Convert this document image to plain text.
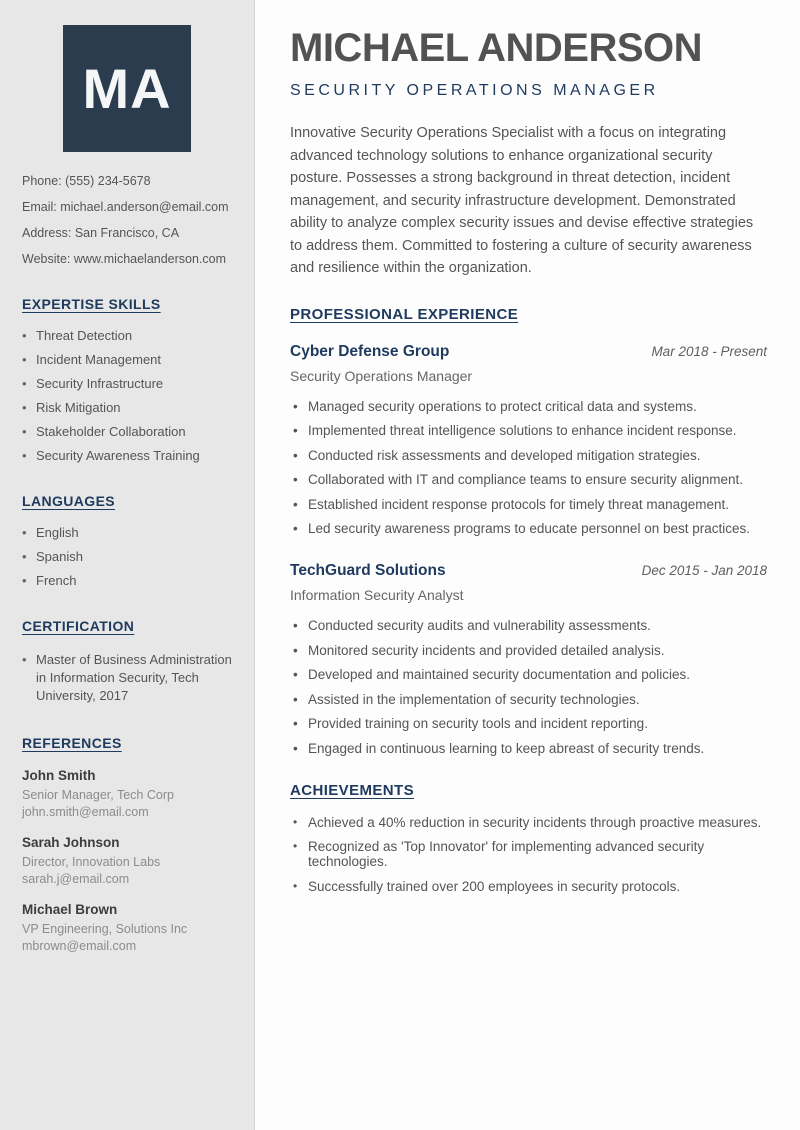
MA
Phone: (555) 234-5678
Email: michael.anderson@email.com
Address: San Francisco, CA
Website: www.michaelanderson.com
EXPERTISE SKILLS
• Threat Detection
• Incident Management
• Security Infrastructure
• Risk Mitigation
• Stakeholder Collaboration
• Security Awareness Training
LANGUAGES
• English
• Spanish
• French
CERTIFICATION
• Master of Business Administration in Information Security, Tech University, 2017
REFERENCES
John Smith
Senior Manager, Tech Corp
john.smith@email.com
Sarah Johnson
Director, Innovation Labs
sarah.j@email.com
Michael Brown
VP Engineering, Solutions Inc
mbrown@email.com
MICHAEL ANDERSON
SECURITY OPERATIONS MANAGER

Innovative Security Operations Specialist with a focus on integrating advanced technology solutions to enhance organizational security posture. Possesses a strong background in threat detection, incident management, and security infrastructure development. Demonstrated ability to analyze complex security issues and devise effective strategies to address them. Committed to fostering a culture of security awareness and resilience within the organization.

PROFESSIONAL EXPERIENCE
Cyber Defense Group	Mar 2018 - Present
Security Operations Manager
• Managed security operations to protect critical data and systems.
• Implemented threat intelligence solutions to enhance incident response.
• Conducted risk assessments and developed mitigation strategies.
• Collaborated with IT and compliance teams to ensure security alignment.
• Established incident response protocols for timely threat management.
• Led security awareness programs to educate personnel on best practices.
TechGuard Solutions	Dec 2015 - Jan 2018
Information Security Analyst
• Conducted security audits and vulnerability assessments.
• Monitored security incidents and provided detailed analysis.
• Developed and maintained security documentation and policies.
• Assisted in the implementation of security technologies.
• Provided training on security tools and incident reporting.
• Engaged in continuous learning to keep abreast of security trends.
ACHIEVEMENTS
• Achieved a 40% reduction in security incidents through proactive measures.
• Recognized as 'Top Innovator' for implementing advanced security technologies.
• Successfully trained over 200 employees in security protocols.
